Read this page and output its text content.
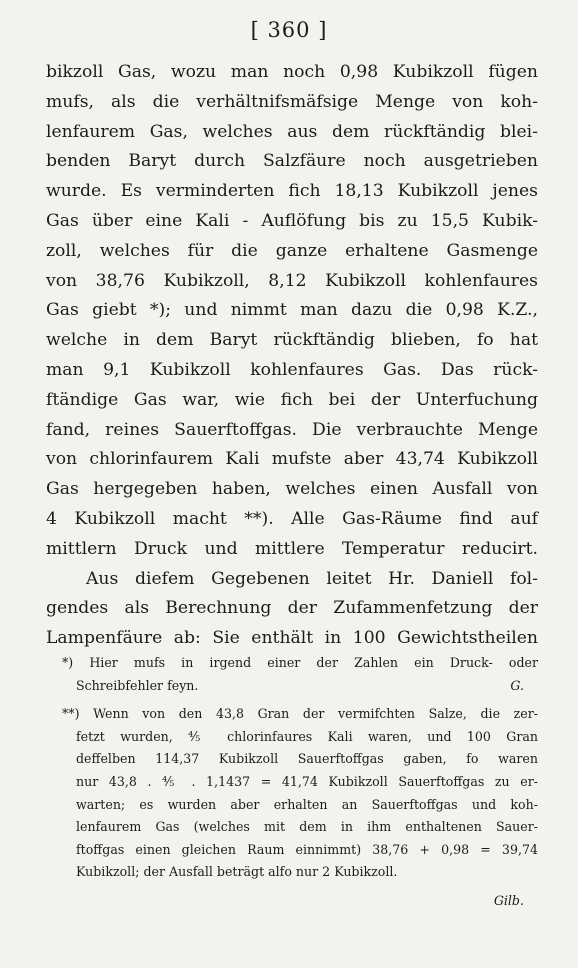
[ 360 ]
bikzoll Gas, wozu man noch 0,98 Kubikzoll fügen
mufs, als die verhältnifsmäfsige Menge von koh-
lenfaurem Gas, welches aus dem rückftändig blei-
benden Baryt durch Salzfäure noch ausgetrieben
wurde. Es verminderten fich 18,13 Kubikzoll jenes
Gas über eine Kali - Auflöfung bis zu 15,5 Kubik-
zoll, welches für die ganze erhaltene Gasmenge
von 38,76 Kubikzoll, 8,12 Kubikzoll kohlenfaures
Gas giebt *); und nimmt man dazu die 0,98 K.Z.,
welche in dem Baryt rückftändig blieben, fo hat
man 9,1 Kubikzoll kohlenfaures Gas. Das rück-
ftändige Gas war, wie fich bei der Unterfuchung
fand, reines Sauerftoffgas. Die verbrauchte Menge
von chlorinfaurem Kali mufste aber 43,74 Kubikzoll
Gas hergegeben haben, welches einen Ausfall von
4 Kubikzoll macht **). Alle Gas-Räume find auf
mittlern Druck und mittlere Temperatur reducirt.
Aus diefem Gegebenen leitet Hr. Daniell fol-
gendes als Berechnung der Zufammenfetzung der
Lampenfäure ab: Sie enthält in 100 Gewichtstheilen
*) Hier mufs in irgend einer der Zahlen ein Druck- oder
Schreibfehler feyn.	G.
**) Wenn von den 43,8 Gran der vermifchten Salze, die zer-
fetzt wurden, ⅘ chlorinfaures Kali waren, und 100 Gran
deffelben 114,37 Kubikzoll Sauerftoffgas gaben, fo waren
nur 43,8 . ⅘ . 1,1437 = 41,74 Kubikzoll Sauerftoffgas zu er-
warten; es wurden aber erhalten an Sauerftoffgas und koh-
lenfaurem Gas (welches mit dem in ihm enthaltenen Sauer-
ftoffgas einen gleichen Raum einnimmt) 38,76 + 0,98 = 39,74
Kubikzoll; der Ausfall beträgt alfo nur 2 Kubikzoll.
Gilb.
